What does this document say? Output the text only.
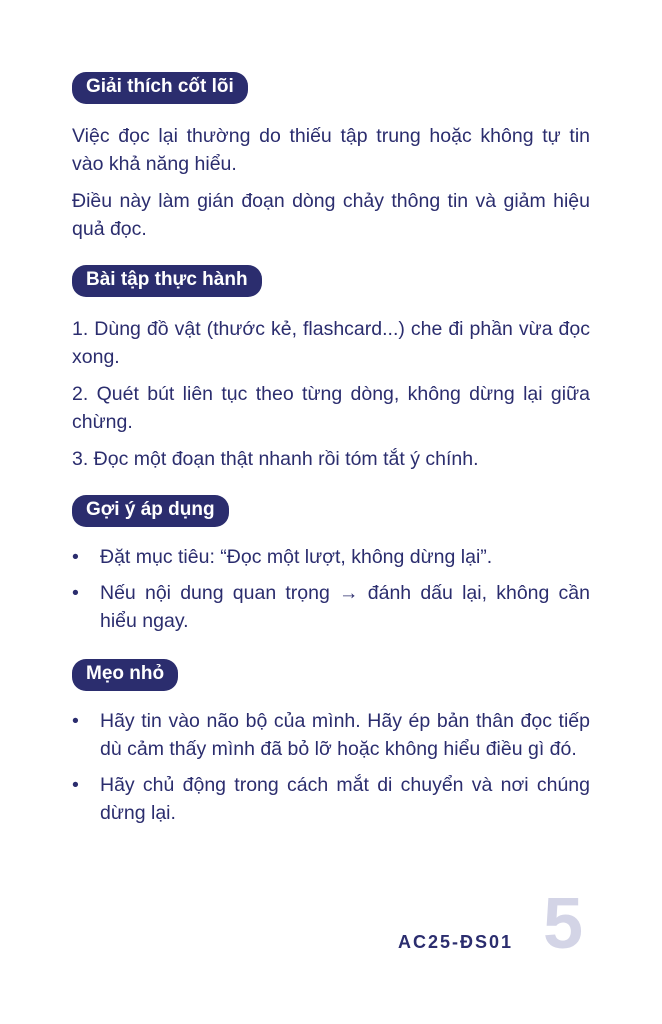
Giải thích cốt lõi

Việc đọc lại thường do thiếu tập trung hoặc không tự tin vào khả năng hiểu.

Điều này làm gián đoạn dòng chảy thông tin và giảm hiệu quả đọc.

Bài tập thực hành

1. Dùng đồ vật (thước kẻ, flashcard...) che đi phần vừa đọc xong.

2. Quét bút liên tục theo từng dòng, không dừng lại giữa chừng.

3. Đọc một đoạn thật nhanh rồi tóm tắt ý chính.

Gợi ý áp dụng
•	Đặt mục tiêu: “Đọc một lượt, không dừng lại”.
•	Nếu nội dung quan trọng → đánh dấu lại, không cần hiểu ngay.
Mẹo nhỏ
•	Hãy tin vào não bộ của mình. Hãy ép bản thân đọc tiếp dù cảm thấy mình đã bỏ lỡ hoặc không hiểu điều gì đó.
•	Hãy chủ động trong cách mắt di chuyển và nơi chúng dừng lại.
AC25-ĐS01 5
